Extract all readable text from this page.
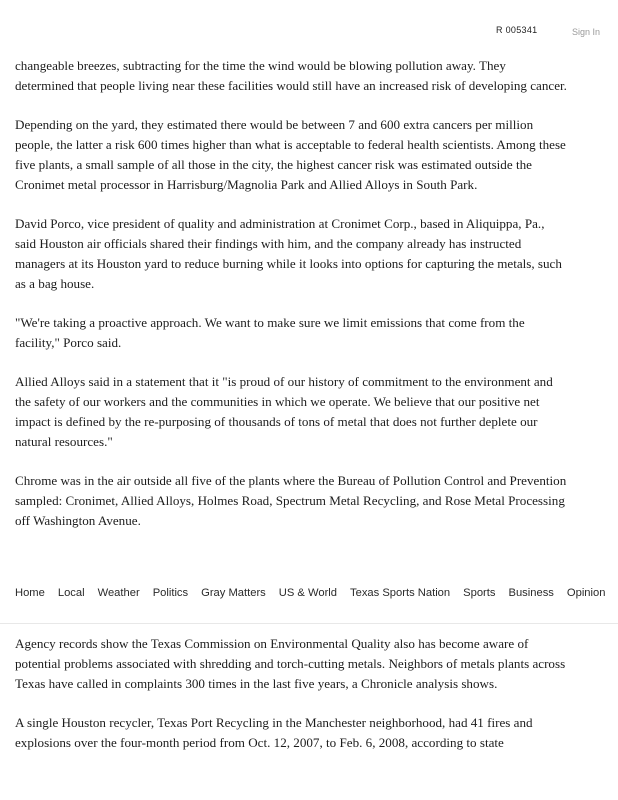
R 005341	Sign In

changeable breezes, subtracting for the time the wind would be blowing pollution away. They determined that people living near these facilities would still have an increased risk of developing cancer.

Depending on the yard, they estimated there would be between 7 and 600 extra cancers per million people, the latter a risk 600 times higher than what is acceptable to federal health scientists. Among these five plants, a small sample of all those in the city, the highest cancer risk was estimated outside the Cronimet metal processor in Harrisburg/Magnolia Park and Allied Alloys in South Park.

David Porco, vice president of quality and administration at Cronimet Corp., based in Aliquippa, Pa., said Houston air officials shared their findings with him, and the company already has instructed managers at its Houston yard to reduce burning while it looks into options for capturing the metals, such as a bag house.

"We're taking a proactive approach. We want to make sure we limit emissions that come from the facility," Porco said.

Allied Alloys said in a statement that it "is proud of our history of commitment to the environment and the safety of our workers and the communities in which we operate. We believe that our positive net impact is defined by the re-purposing of thousands of tons of metal that does not further deplete our natural resources."

Chrome was in the air outside all five of the plants where the Bureau of Pollution Control and Prevention sampled: Cronimet, Allied Alloys, Holmes Road, Spectrum Metal Recycling, and Rose Metal Processing off Washington Avenue.

Home Local Weather Politics Gray Matters US & World Texas Sports Nation Sports Business Opinion

Agency records show the Texas Commission on Environmental Quality also has become aware of potential problems associated with shredding and torch-cutting metals. Neighbors of metals plants across Texas have called in complaints 300 times in the last five years, a Chronicle analysis shows.

A single Houston recycler, Texas Port Recycling in the Manchester neighborhood, had 41 fires and explosions over the four-month period from Oct. 12, 2007, to Feb. 6, 2008, according to state
